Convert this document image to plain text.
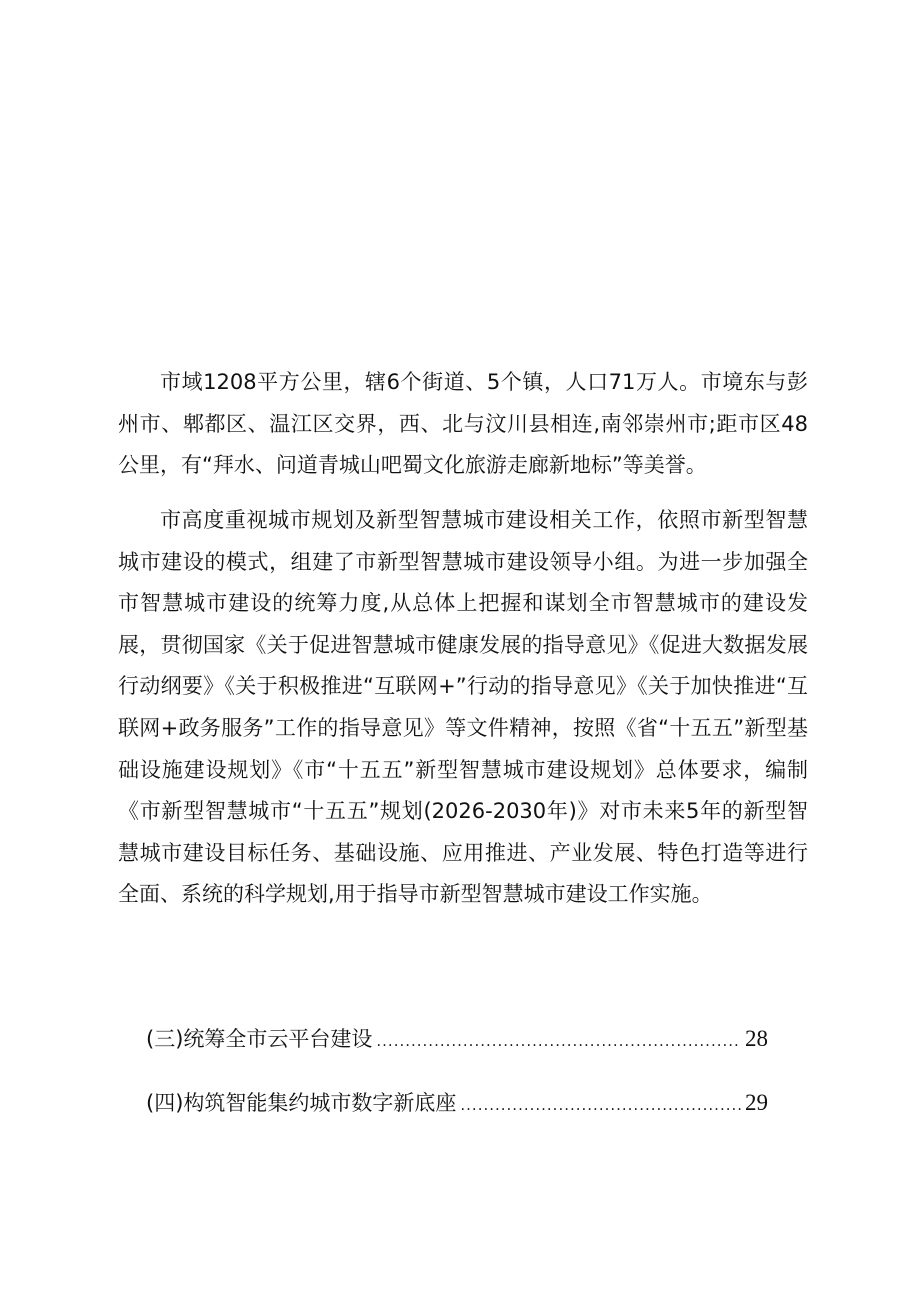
市域1208平方公里，辖6个街道、5个镇，人口71万人。市境东与彭州市、郫都区、温江区交界，西、北与汶川县相连,南邻崇州市;距市区48公里，有“拜水、问道青城山吧蜀文化旅游走廊新地标”等美誉。

市高度重视城市规划及新型智慧城市建设相关工作，依照市新型智慧城市建设的模式，组建了市新型智慧城市建设领导小组。为进一步加强全市智慧城市建设的统筹力度,从总体上把握和谋划全市智慧城市的建设发展，贯彻国家《关于促进智慧城市健康发展的指导意见》《促进大数据发展行动纲要》《关于积极推进“互联网+”行动的指导意见》《关于加快推进“互联网+政务服务”工作的指导意见》等文件精神，按照《省“十五五”新型基础设施建设规划》《市“十五五”新型智慧城市建设规划》总体要求，编制《市新型智慧城市“十五五”规划(2026-2030年)》对市未来5年的新型智慧城市建设目标任务、基础设施、应用推进、产业发展、特色打造等进行全面、系统的科学规划,用于指导市新型智慧城市建设工作实施。

(三)统筹全市云平台建设 .....	28
(四)构筑智能集约城市数字新底座 .....	29
